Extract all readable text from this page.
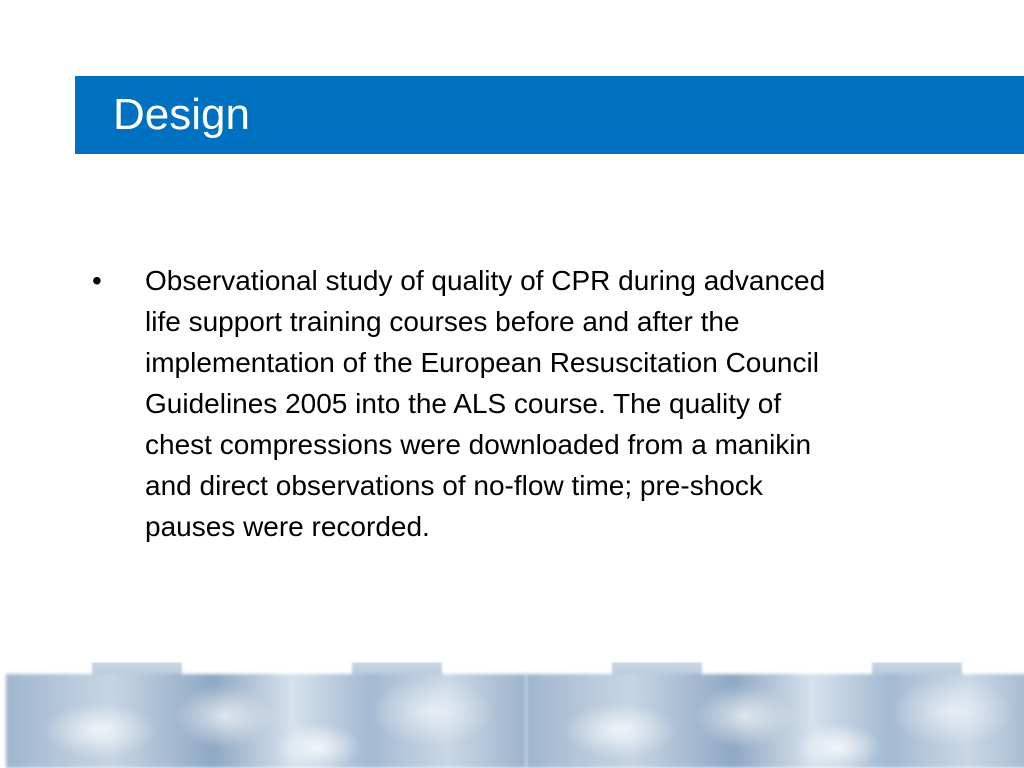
Design
•	Observational study of quality of CPR during advanced life support training courses before and after the implementation of the European Resuscitation Council Guidelines 2005 into the ALS course. The quality of chest compressions were downloaded from a manikin and direct observations of no-flow time; pre-shock pauses were recorded.
